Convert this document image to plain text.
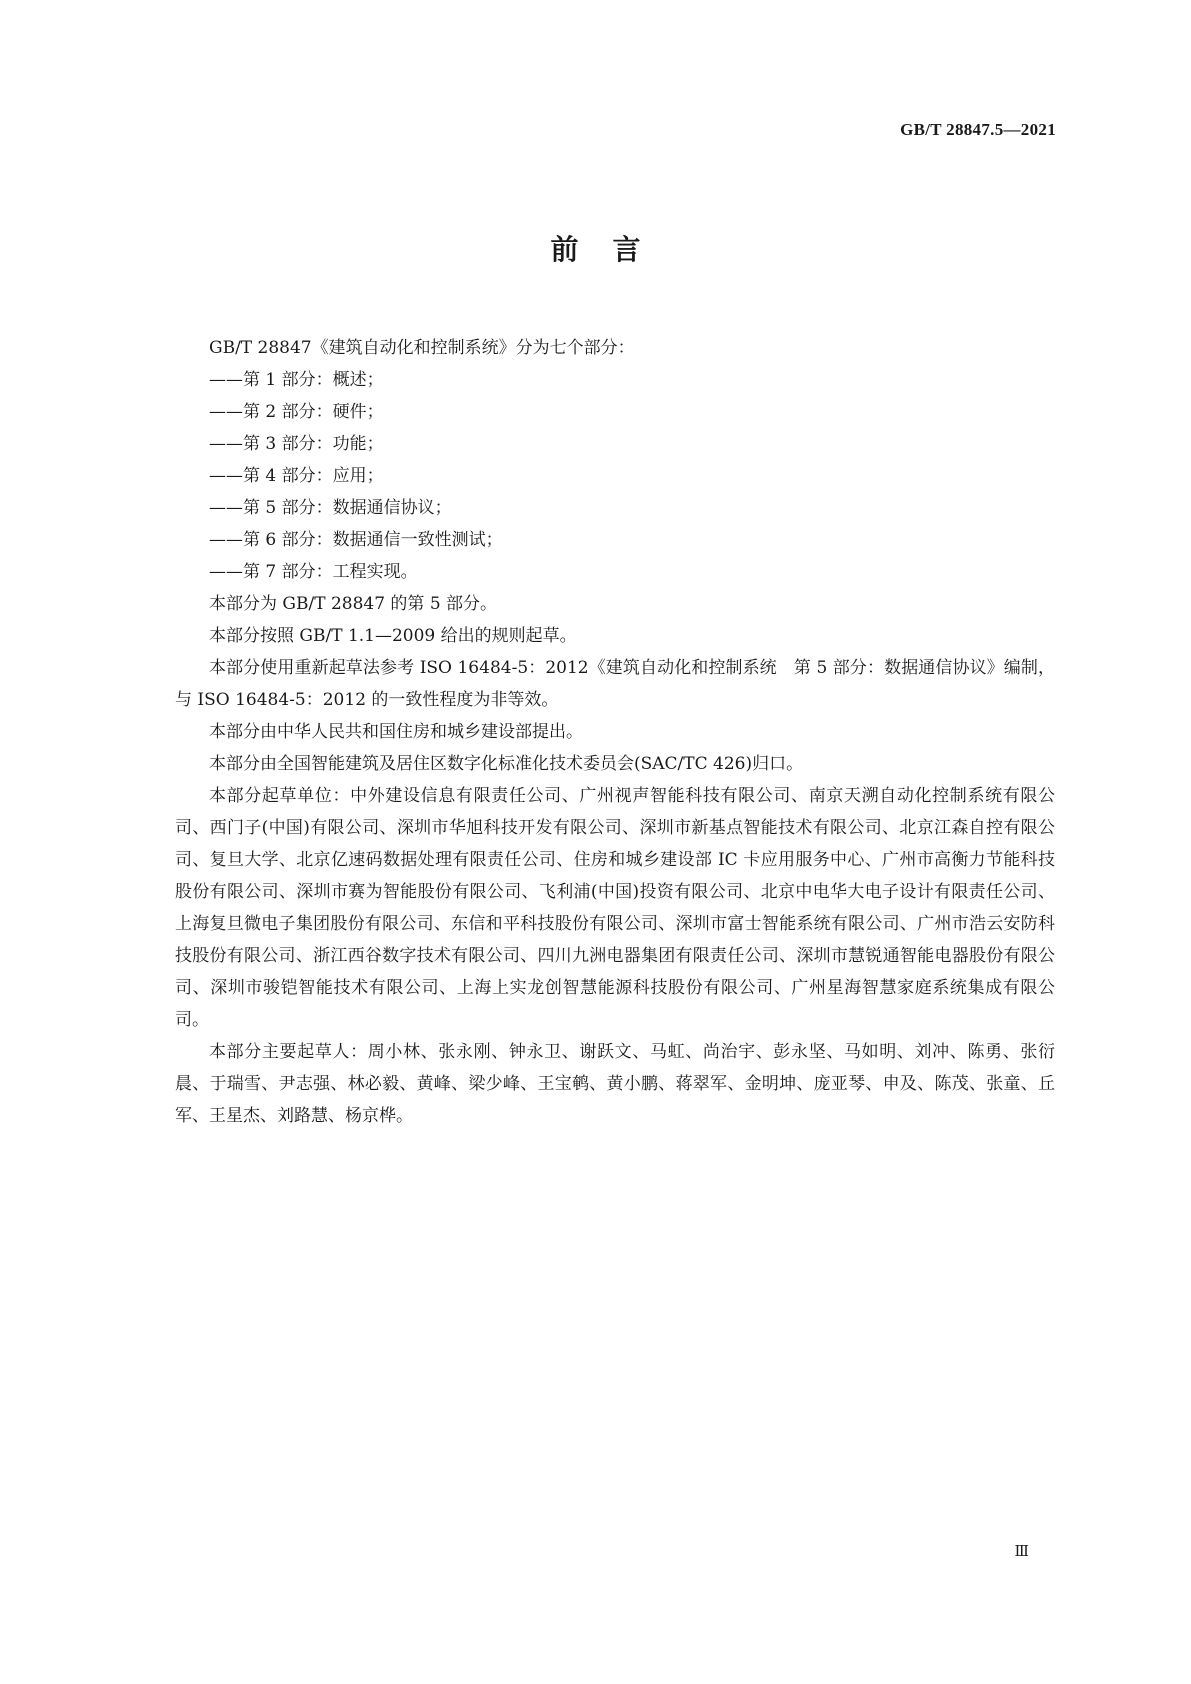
GB/T 28847.5—2021
前言

GB/T 28847《建筑自动化和控制系统》分为七个部分：

——第 1 部分：概述；
——第 2 部分：硬件；
——第 3 部分：功能；
——第 4 部分：应用；
——第 5 部分：数据通信协议；
——第 6 部分：数据通信一致性测试；
——第 7 部分：工程实现。

本部分为 GB/T 28847 的第 5 部分。

本部分按照 GB/T 1.1—2009 给出的规则起草。

本部分使用重新起草法参考 ISO 16484-5：2012《建筑自动化和控制系统　第 5 部分：数据通信协议》编制，与 ISO 16484-5：2012 的一致性程度为非等效。

本部分由中华人民共和国住房和城乡建设部提出。

本部分由全国智能建筑及居住区数字化标准化技术委员会(SAC/TC 426)归口。

本部分起草单位：中外建设信息有限责任公司、广州视声智能科技有限公司、南京天溯自动化控制系统有限公司、西门子(中国)有限公司、深圳市华旭科技开发有限公司、深圳市新基点智能技术有限公司、北京江森自控有限公司、复旦大学、北京亿速码数据处理有限责任公司、住房和城乡建设部 IC 卡应用服务中心、广州市高衡力节能科技股份有限公司、深圳市赛为智能股份有限公司、飞利浦(中国)投资有限公司、北京中电华大电子设计有限责任公司、上海复旦微电子集团股份有限公司、东信和平科技股份有限公司、深圳市富士智能系统有限公司、广州市浩云安防科技股份有限公司、浙江西谷数字技术有限公司、四川九洲电器集团有限责任公司、深圳市慧锐通智能电器股份有限公司、深圳市骏铠智能技术有限公司、上海上实龙创智慧能源科技股份有限公司、广州星海智慧家庭系统集成有限公司。

本部分主要起草人：周小林、张永刚、钟永卫、谢跃文、马虹、尚治宇、彭永坚、马如明、刘冲、陈勇、张衍晨、于瑞雪、尹志强、林必毅、黄峰、梁少峰、王宝鹌、黄小鹏、蒋翠军、金明坤、庞亚琴、申及、陈茂、张童、丘军、王星杰、刘路慧、杨京桦。

Ⅲ
